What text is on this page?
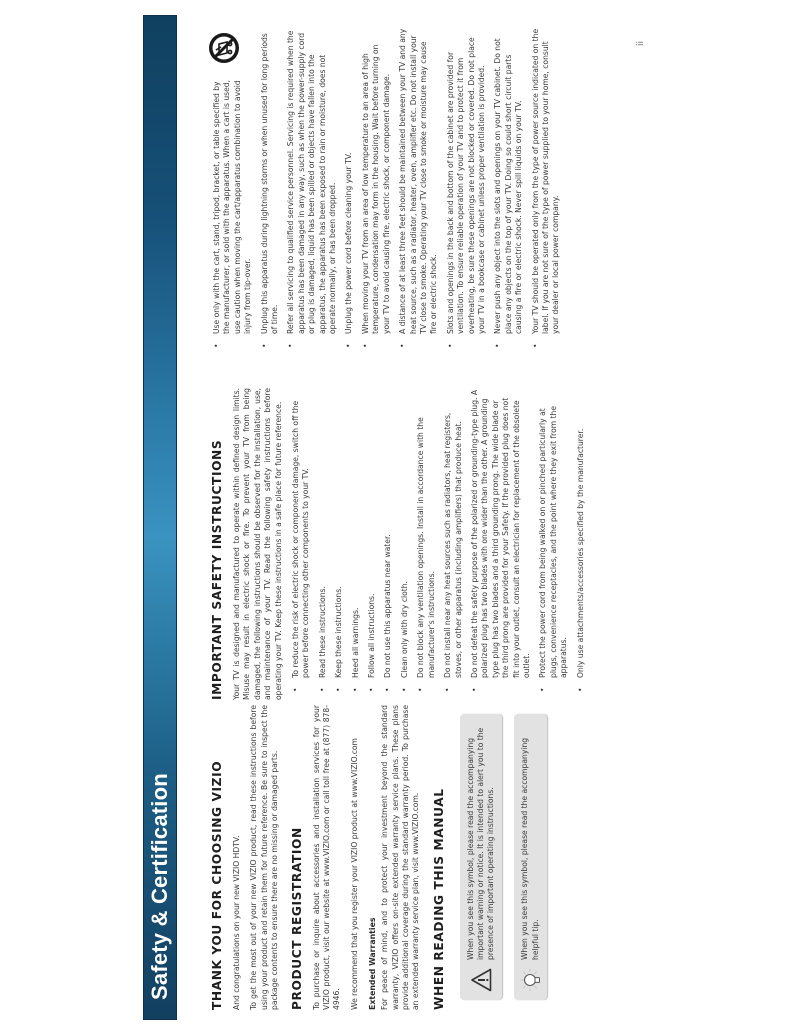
Safety & Certification
ii
THANK YOU FOR CHOOSING VIZIO And congratulations on your new VIZIO HDTV. To get the most out of your new VIZIO product, read these instructions before using your product and retain them for future reference. Be sure to inspect the package contents to ensure there are no missing or damaged parts. PRODUCT REGISTRATION To purchase or inquire about accessories and installation services for your VIZIO product, visit our website at www.VIZIO.com or call toll free at (877) 878-4946. We recommend that you register your VIZIO product at www.VIZIO.com Extended Warranties For peace of mind, and to protect your investment beyond the standard warranty, VIZIO offers on-site extended warranty service plans. These plans provide additional coverage during the standard warranty period. To purchase an extended warranty service plan, visit www.VIZIO.com. WHEN READING THIS MANUAL	When you see this symbol, please read the accompanying important warning or notice. It is intended to alert you to the presence of important operating instructions.	When you see this symbol, please read the accompanying helpful tip.
IMPORTANT SAFETY INSTRUCTIONS Your TV is designed and manufactured to operate within defined design limits. Misuse may result in electric shock or fire. To prevent your TV from being damaged, the following instructions should be observed for the installation, use, and maintenance of your TV. Read the following safety instructions before operating your TV. Keep these instructions in a safe place for future reference. •
To reduce the risk of electric shock or component damage, switch off the power before connecting other components to your TV.
•
Read these instructions.
•
Keep these instructions.
•
Heed all warnings.
•
Follow all instructions.
•
Do not use this apparatus near water.
•
Clean only with dry cloth.
•
Do not block any ventilation openings. Install in accordance with the manufacturer's instructions.
•
Do not install near any heat sources such as radiators, heat registers, stoves, or other apparatus (including amplifiers) that produce heat.
•
Do not defeat the safety purpose of the polarized or grounding-type plug. A polarized plug has two blades with one wider than the other. A grounding type plug has two blades and a third grounding prong. The wide blade or the third prong are provided for your Safety. If the provided plug does not fit into your outlet, consult an electrician for replacement of the obsolete outlet.
•
Protect the power cord from being walked on or pinched particularly at plugs, convenience receptacles, and the point where they exit from the apparatus.
•
Only use attachments/accessories specified by the manufacturer.
•
Use only with the cart, stand, tripod, bracket, or table specified by the manufacturer, or sold with the apparatus. When a cart is used, use caution when moving the cart/apparatus combination to avoid injury from tip-over.
•
Unplug this apparatus during lightning storms or when unused for long periods of time.
•
Refer all servicing to qualified service personnel. Servicing is required when the apparatus has been damaged in any way, such as when the power-supply cord or plug is damaged, liquid has been spilled or objects have fallen into the apparatus, the apparatus has been exposed to rain or moisture, does not operate normally, or has been dropped.
•
Unplug the power cord before cleaning your TV.
•
When moving your TV from an area of low temperature to an area of high temperature, condensation may form in the housing. Wait before turning on your TV to avoid causing fire, electric shock, or component damage.
•
A distance of at least three feet should be maintained between your TV and any heat source, such as a radiator, heater, oven, amplifier etc. Do not install your TV close to smoke. Operating your TV close to smoke or moisture may cause fire or electric shock.
•
Slots and openings in the back and bottom of the cabinet are provided for ventilation. To ensure reliable operation of your TV and to protect it from overheating, be sure these openings are not blocked or covered. Do not place your TV in a bookcase or cabinet unless proper ventilation is provided.
•
Never push any object into the slots and openings on your TV cabinet. Do not place any objects on the top of your TV. Doing so could short circuit parts causing a fire or electric shock. Never spill liquids on your TV.
•
Your TV should be operated only from the type of power source indicated on the label. If you are not sure of the type of power supplied to your home, consult your dealer or local power company.
